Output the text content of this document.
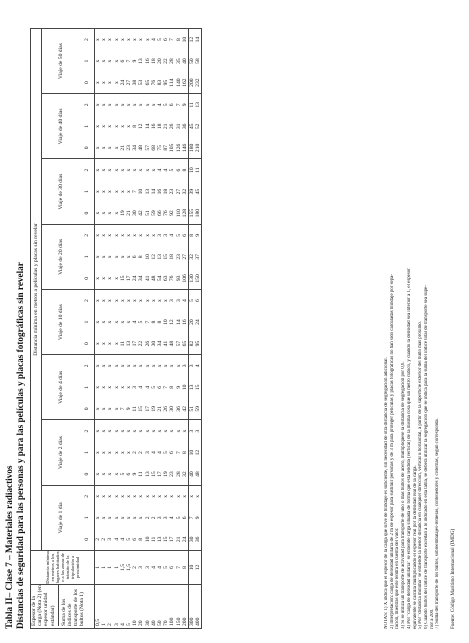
Tabla II– Clase 7 – Materiales radiactivos Distancias de seguridad para las personas y para las películas y placas fotográficas sin revelar Espesor de la carga (Nota 2) (en espesor unidad estándar) Suma de los índices de transporte de los bultos (Nota 1)	Distancia mínima en metros a los lugares habitados o a las zonas de tránsito de la tripulación a proximidad	Distancia mínima en metros a películas y placas sin revelar																							
		Viaje de 1 día			Viaje de 2 días			Viaje de 4 días			Viaje de 10 días			Viaje de 20 días			Viaje de 30 días			Viaje de 40 días			Viaje de 50 días		
		0	1	2	0	1	2	0	1	2	0	1	2	0	1	2	0	1	2	0	1	2	0	1	2
0,5	1	2	x	x	x	x	x	x	x	x	x	x	x	x	x	x	x	x	x	x	x	x	x	x	x
1	1	2	x	x	x	x	x	x	x	x	x	x	x	x	x	x	x	x	x	x	x	x	x	x	x
2	1	3	x	x	x	x	x	x	x	x	x	x	x	x	x	x	x	x	x	x	x	x	x	x	x
3	1	4	x	x	x	x	x	x	x	x	x	x	x	x	x	x	x	x	x	x	x	x	x	x	x
4	1,5	4	x	x	5	x	x	7	x	x	11	x	x	15	x	x	19	x	x	21	x	x	24	6	x
5	1,5	5	x	x	6	x	x	9	x	x	13	x	x	17	x	x	21	x	x	23	x	x	27	7	x
10	2	6	x	x	9	2	x	11	3	x	17	4	x	24	6	x	30	7	x	34	8	x	38	9	x
20	3	8	x	x	11	2	x	15	4	x	22	5	x	34	8	x	42	10	x	48	12	x	53	13	x
30	3	10	2	x	13	3	x	17	4	x	26	7	x	41	10	x	51	13	x	57	14	x	65	16	x
40	4	11	2	x	15	4	x	19	5	x	30	8	x	48	12	x	59	14	x	68	16	x	76	18	4
50	4	13	3	x	17	4	x	21	6	x	34	8	x	54	13	3	66	16	4	75	18	4	83	20	5
70	5	15	3	x	19	5	x	26	7	x	41	10	x	63	15	3	76	18	4	87	21	5	95	22	6
100	6	17	4	x	23	6	x	30	8	x	48	12	3	76	18	4	92	23	5	105	26	6	114	28	7
150	7	21	5	x	28	7	x	36	9	x	57	14	3	93	23	5	110	27	6	126	31	7	140	35	8
200	8	24	6	x	32	8	x	42	10	3	65	16	4	106	27	6	128	32	8	146	36	9	162	40	10
300	10	30	7	x	40	10	3	51	13	3	82	20	5	130	32	8	155	39	10	180	45	11	200	50	12
400	12	36	9	x	48	12	3	59	15	4	95	24	6	150	37	9	180	45	11	210	52	13	232	58	14
NOTAS: 1) X indica que el espesor de la carga que sirve de blindaje es suficiente, sin necesidad de otra distancia de segregación adicional. 2) Interpretación: carga de densidad unitaria de 2 m de espesor para sustituir personas y de 3 m para proteger películas y placas fotográficas no han sido calculadas blindaje por sepa- ración, mientras que este tendrá en cuenta del valor. 3) Si se utiliza un transporte de actividad para transporte de uno o más bultos de acero, multiplíquese la distancia de segregación por 0,6. 4) Por "carga de densidad unitaria" se entiende carga situada de forma que esta tendida (vertical) de la misma cosa que un metro cúbico, y cuando la densidad sea inferior a 1, el espesor equivalente se calcula multiplicando el espesor real por la densidad real de la carga. 5) Por "distancia mínima" se entiende la menor distancia en cualquier dirección, vertical u horizontal, a partir de la superficie exterior del bulto más próximo. 6) Cuando bultos del índice de transporte excedan a lo indicado en esta tabla, se deberá utilizar la segregación que se indica para la suma del índice total de transporte sea supe- rior a 200. 7) Suma del transporte de los bultos, sobreembalajes-remesas, contenedores y cisternas, según corresponda. Fuente: Código Marítimo Internacional (IMDG)
